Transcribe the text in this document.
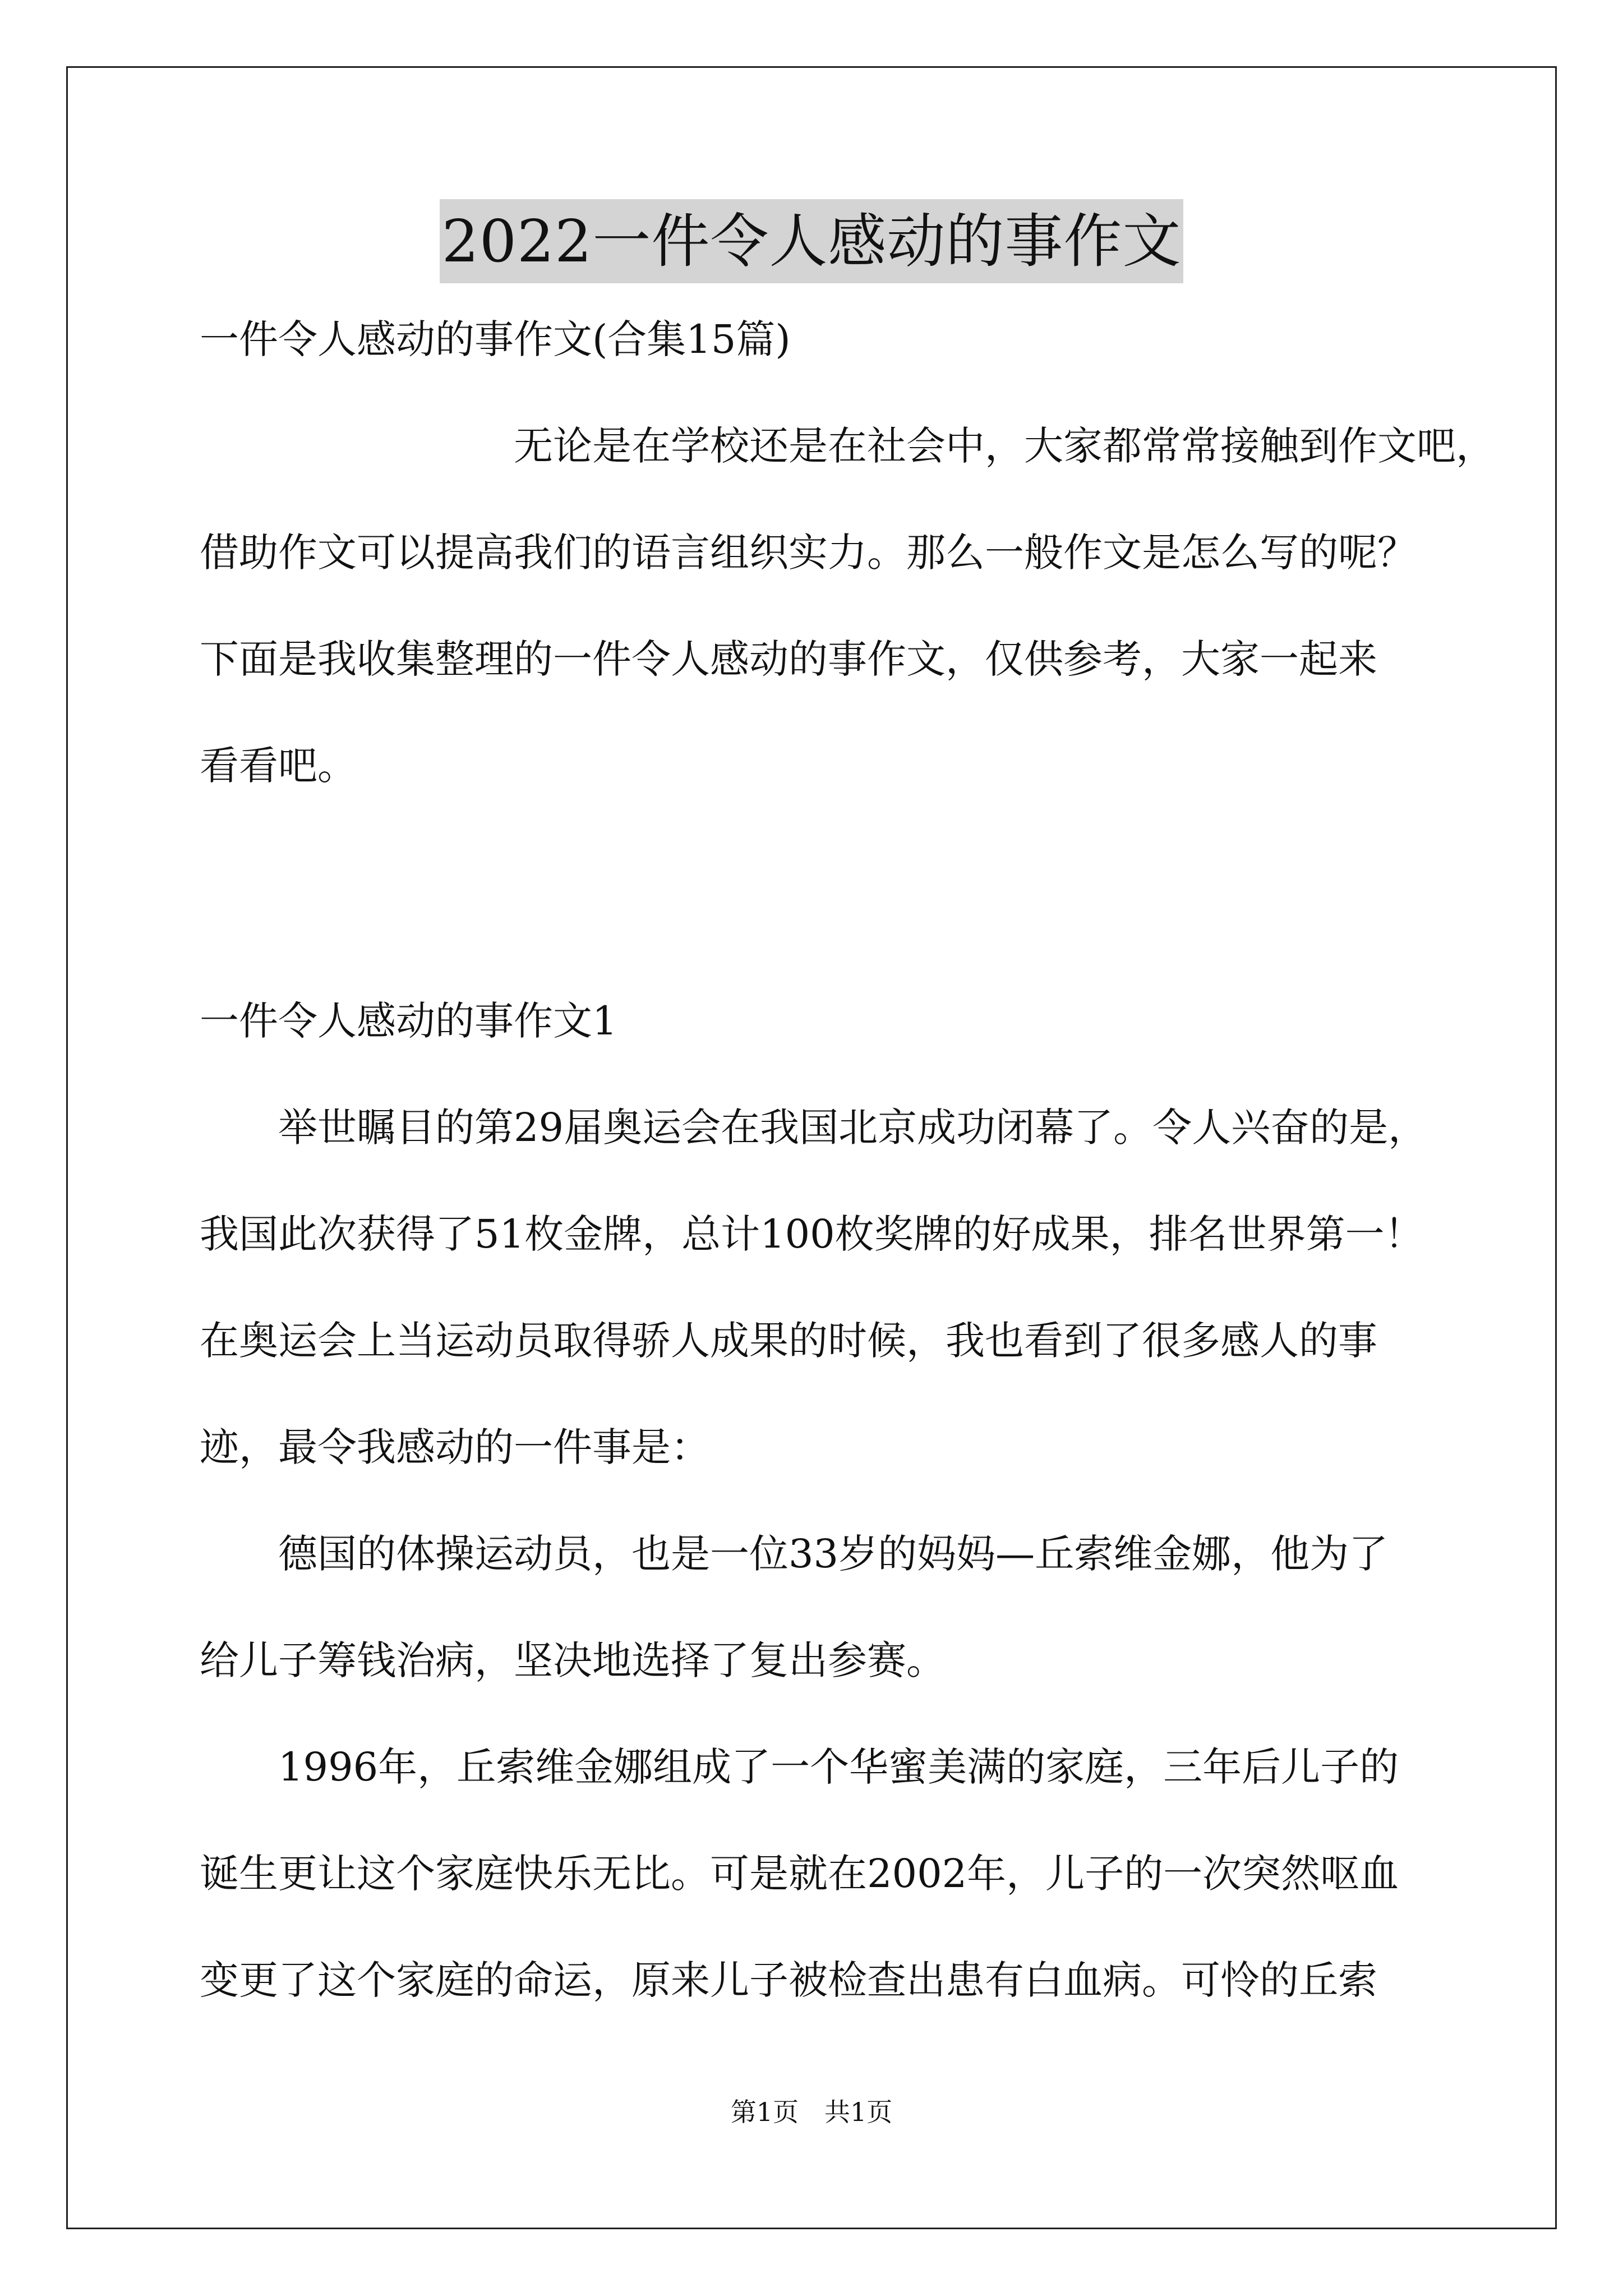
2022一件令人感动的事作文
一件令人感动的事作文(合集15篇)
　　　　　　　　无论是在学校还是在社会中，大家都常常接触到作文吧，
借助作文可以提高我们的语言组织实力。那么一般作文是怎么写的呢？
下面是我收集整理的一件令人感动的事作文，仅供参考，大家一起来
看看吧。
一件令人感动的事作文1
　　举世瞩目的第29届奥运会在我国北京成功闭幕了。令人兴奋的是，
我国此次获得了51枚金牌，总计100枚奖牌的好成果，排名世界第一！
在奥运会上当运动员取得骄人成果的时候，我也看到了很多感人的事
迹，最令我感动的一件事是：
　　德国的体操运动员，也是一位33岁的妈妈—丘索维金娜，他为了
给儿子筹钱治病，坚决地选择了复出参赛。
　　1996年，丘索维金娜组成了一个华蜜美满的家庭，三年后儿子的
诞生更让这个家庭快乐无比。可是就在2002年，儿子的一次突然呕血
变更了这个家庭的命运，原来儿子被检查出患有白血病。可怜的丘索
第1页　共1页
